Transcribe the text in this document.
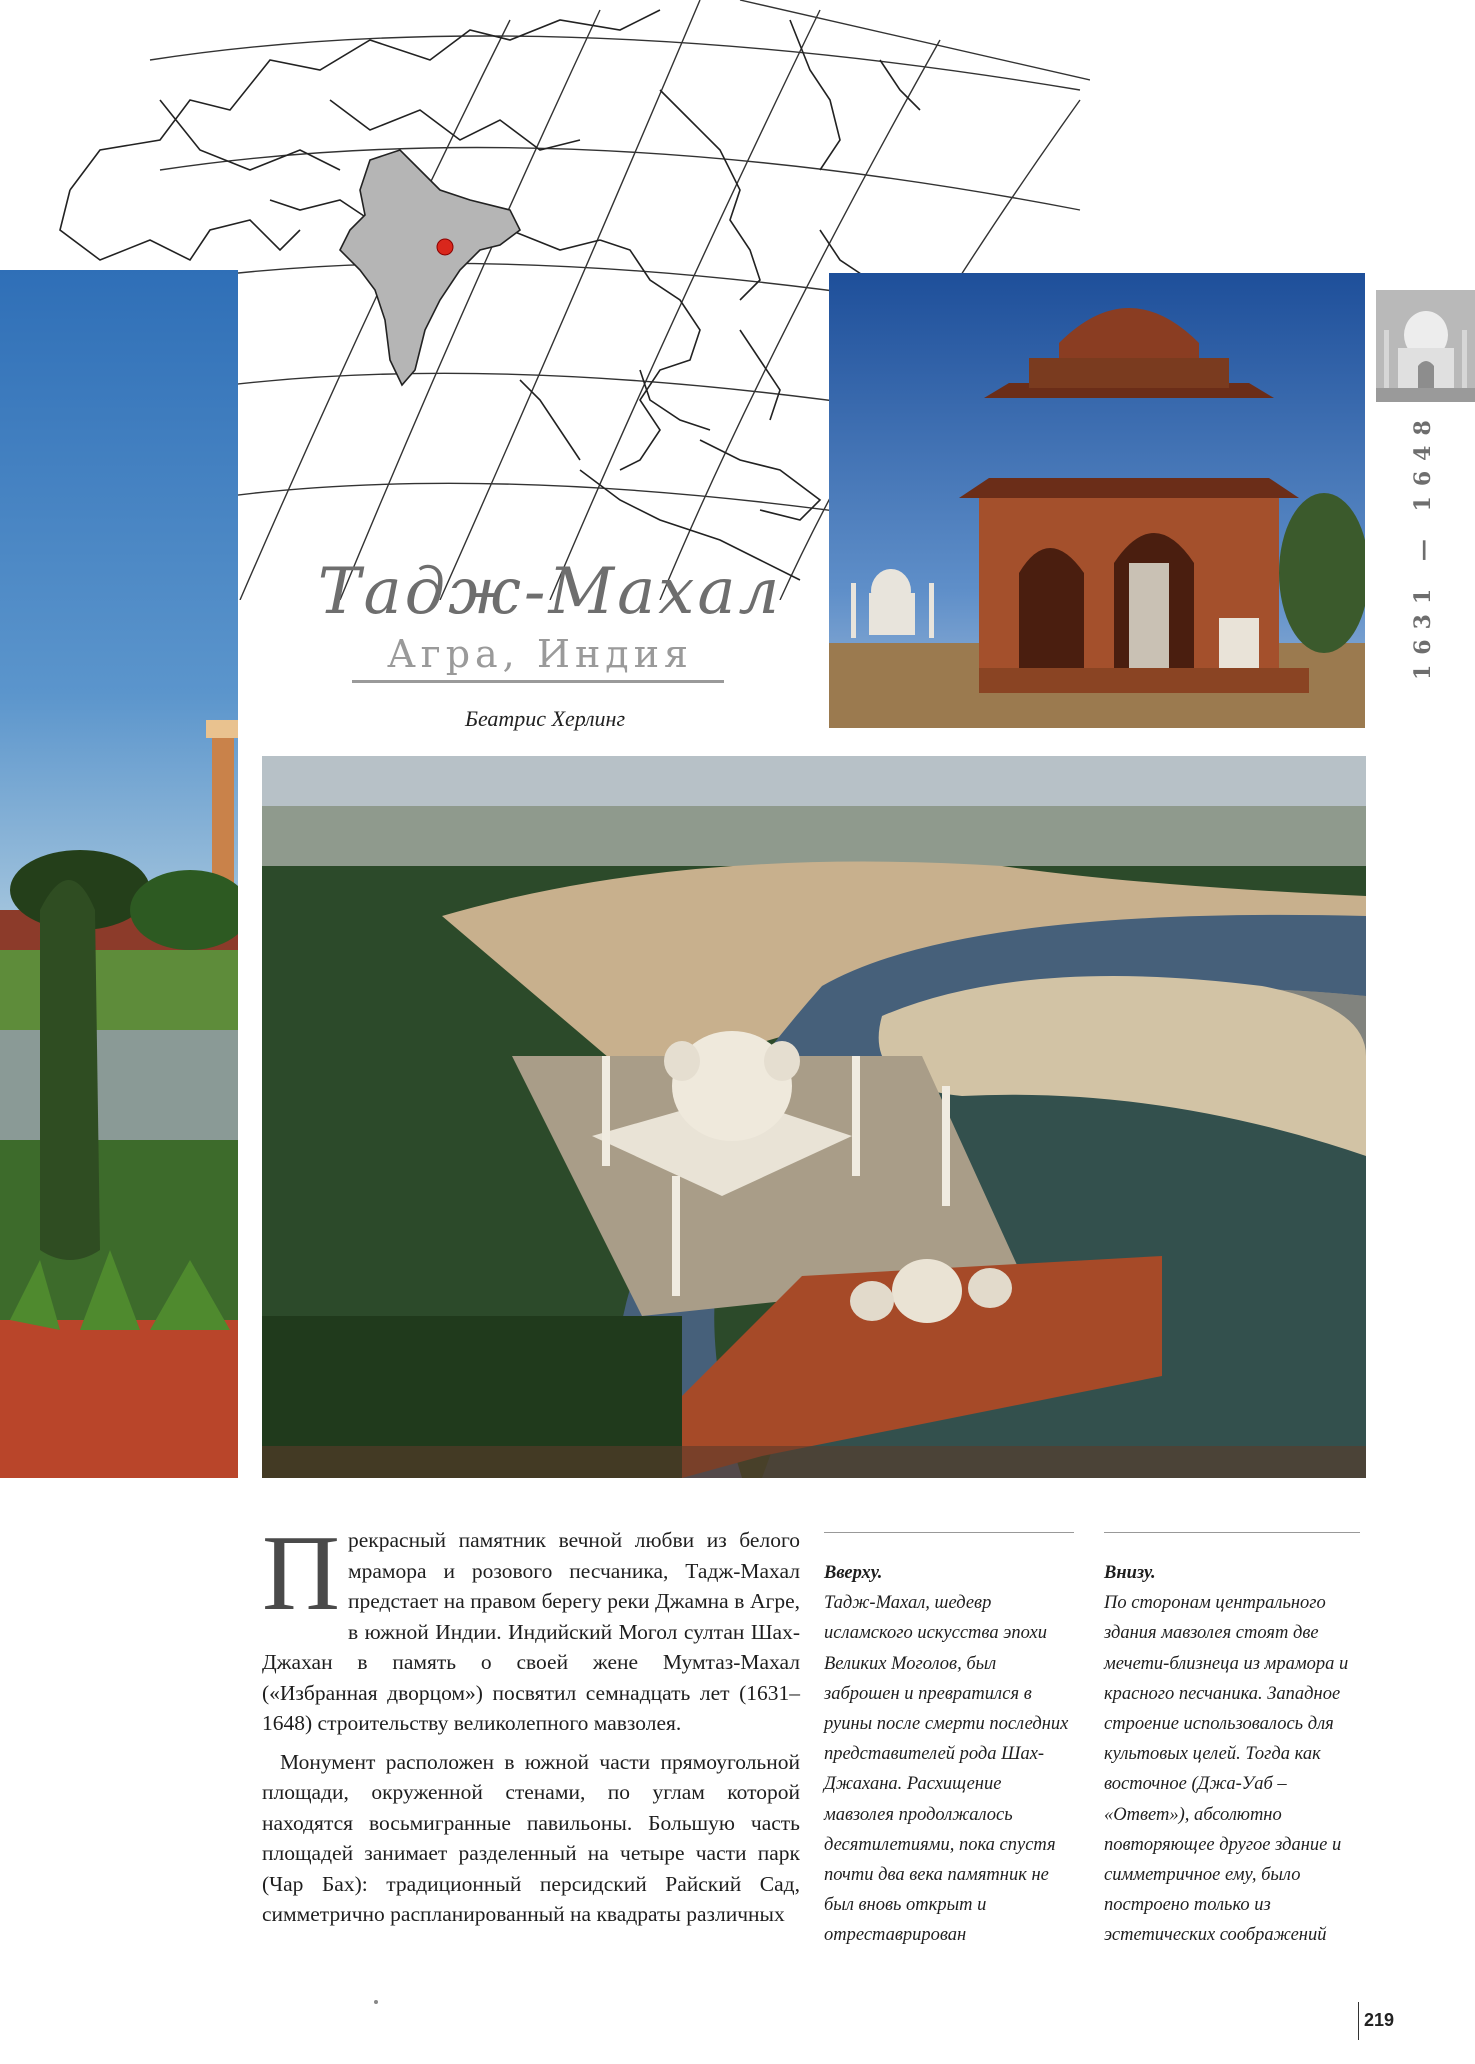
1631 — 1648
Тадж-Махал
Агра, Индия
Беатрис Херлинг

Прекрасный памятник вечной любви из белого мрамора и розового песчаника, Тадж-Махал предстает на правом берегу реки Джамна в Агре, в южной Индии. Индийский Могол султан Шах-Джахан в память о своей жене Мумтаз-Махал («Избранная дворцом») посвятил семнадцать лет (1631–1648) строительству великолепного мавзолея.

Монумент расположен в южной части прямоугольной площади, окруженной стенами, по углам которой находятся восьмигранные павильоны. Большую часть площадей занимает разделенный на четыре части парк (Чар Бах): традиционный персидский Райский Сад, симметрично распланированный на квадраты различных

Вверху.
Тадж-Махал, шедевр исламского искусства эпохи Великих Моголов, был заброшен и превратился в руины после смерти последних представителей рода Шах-Джахана. Расхищение мавзолея продолжалось десятилетиями, пока спустя почти два века памятник не был вновь открыт и отреставрирован
Внизу.
По сторонам центрального здания мавзолея стоят две мечети-близнеца из мрамора и красного песчаника. Западное строение использовалось для культовых целей. Тогда как восточное (Джа-Уаб – «Ответ»), абсолютно повторяющее другое здание и симметричное ему, было построено только из эстетических соображений
219
